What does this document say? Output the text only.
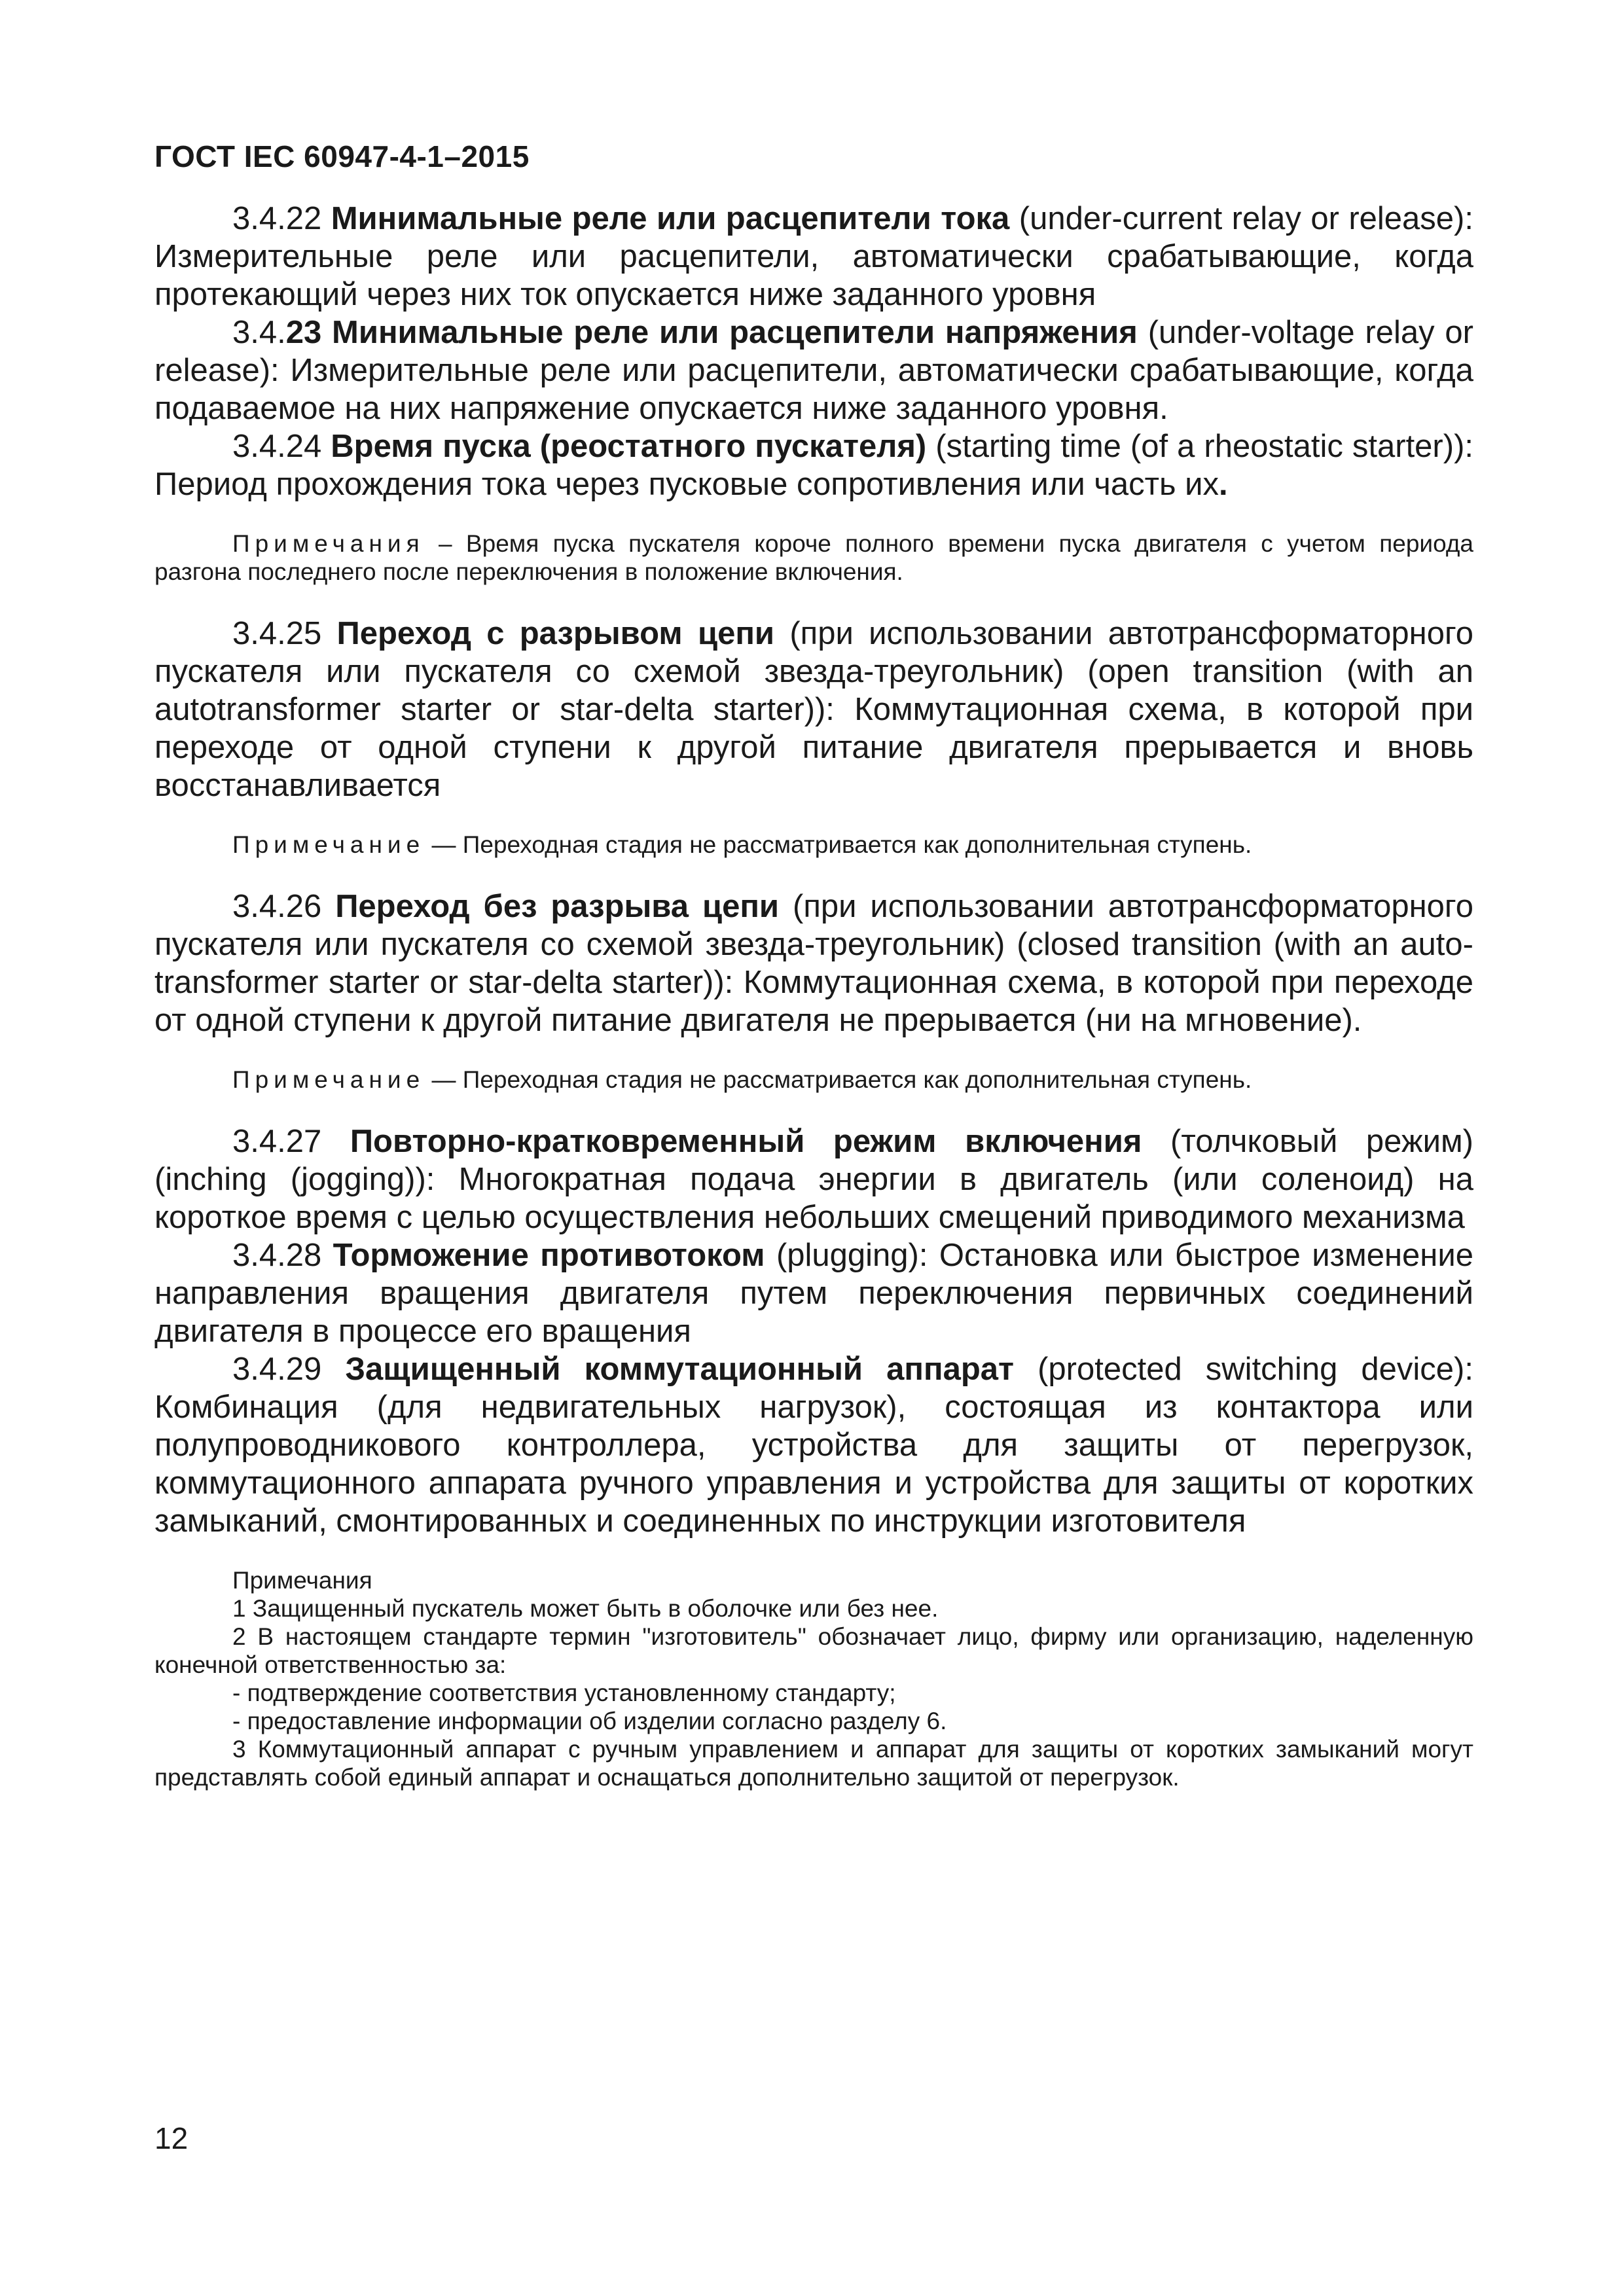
ГОСТ IEC 60947-4-1–2015

3.4.22 Минимальные реле или расцепители тока (under-current relay or release): Измерительные реле или расцепители, автоматически срабатывающие, когда протекающий через них ток опускается ниже заданного уровня

3.4.23 Минимальные реле или расцепители напряжения (under-voltage relay or release): Измерительные реле или расцепители, автоматически срабатывающие, когда подаваемое на них напряжение опускается ниже заданного уровня.

3.4.24 Время пуска (реостатного пускателя) (starting time (of a rheostatic starter)): Период прохождения тока через пусковые сопротивления или часть их.

Примечания – Время пуска пускателя короче полного времени пуска двигателя с учетом периода разгона последнего после переключения в положение включения.

3.4.25 Переход с разрывом цепи (при использовании автотрансформаторного пускателя или пускателя со схемой звезда-треугольник) (open transition (with an autotransformer starter or star-delta starter)): Коммутационная схема, в которой при переходе от одной ступени к другой питание двигателя прерывается и вновь восстанавливается

Примечание — Переходная стадия не рассматривается как дополнительная ступень.

3.4.26 Переход без разрыва цепи (при использовании автотрансформаторного пускателя или пускателя со схемой звезда-треугольник) (closed transition (with an auto-transformer starter or star-delta starter)): Коммутационная схема, в которой при переходе от одной ступени к другой питание двигателя не прерывается (ни на мгновение).

Примечание — Переходная стадия не рассматривается как дополнительная ступень.

3.4.27 Повторно-кратковременный режим включения (толчковый режим) (inching (jogging)): Многократная подача энергии в двигатель (или соленоид) на короткое время с целью осуществления небольших смещений приводимого механизма

3.4.28 Торможение противотоком (plugging): Остановка или быстрое изменение направления вращения двигателя путем переключения первичных соединений двигателя в процессе его вращения

3.4.29 Защищенный коммутационный аппарат (protected switching device): Комбинация (для недвигательных нагрузок), состоящая из контактора или полупроводникового контроллера, устройства для защиты от перегрузок, коммутационного аппарата ручного управления и устройства для защиты от коротких замыканий, смонтированных и соединенных по инструкции изготовителя

Примечания

1 Защищенный пускатель может быть в оболочке или без нее.

2 В настоящем стандарте термин "изготовитель" обозначает лицо, фирму или организацию, наделенную конечной ответственностью за:

- подтверждение соответствия установленному стандарту;

- предоставление информации об изделии согласно разделу 6.

3 Коммутационный аппарат с ручным управлением и аппарат для защиты от коротких замыканий могут представлять собой единый аппарат и оснащаться дополнительно защитой от перегрузок.

12
